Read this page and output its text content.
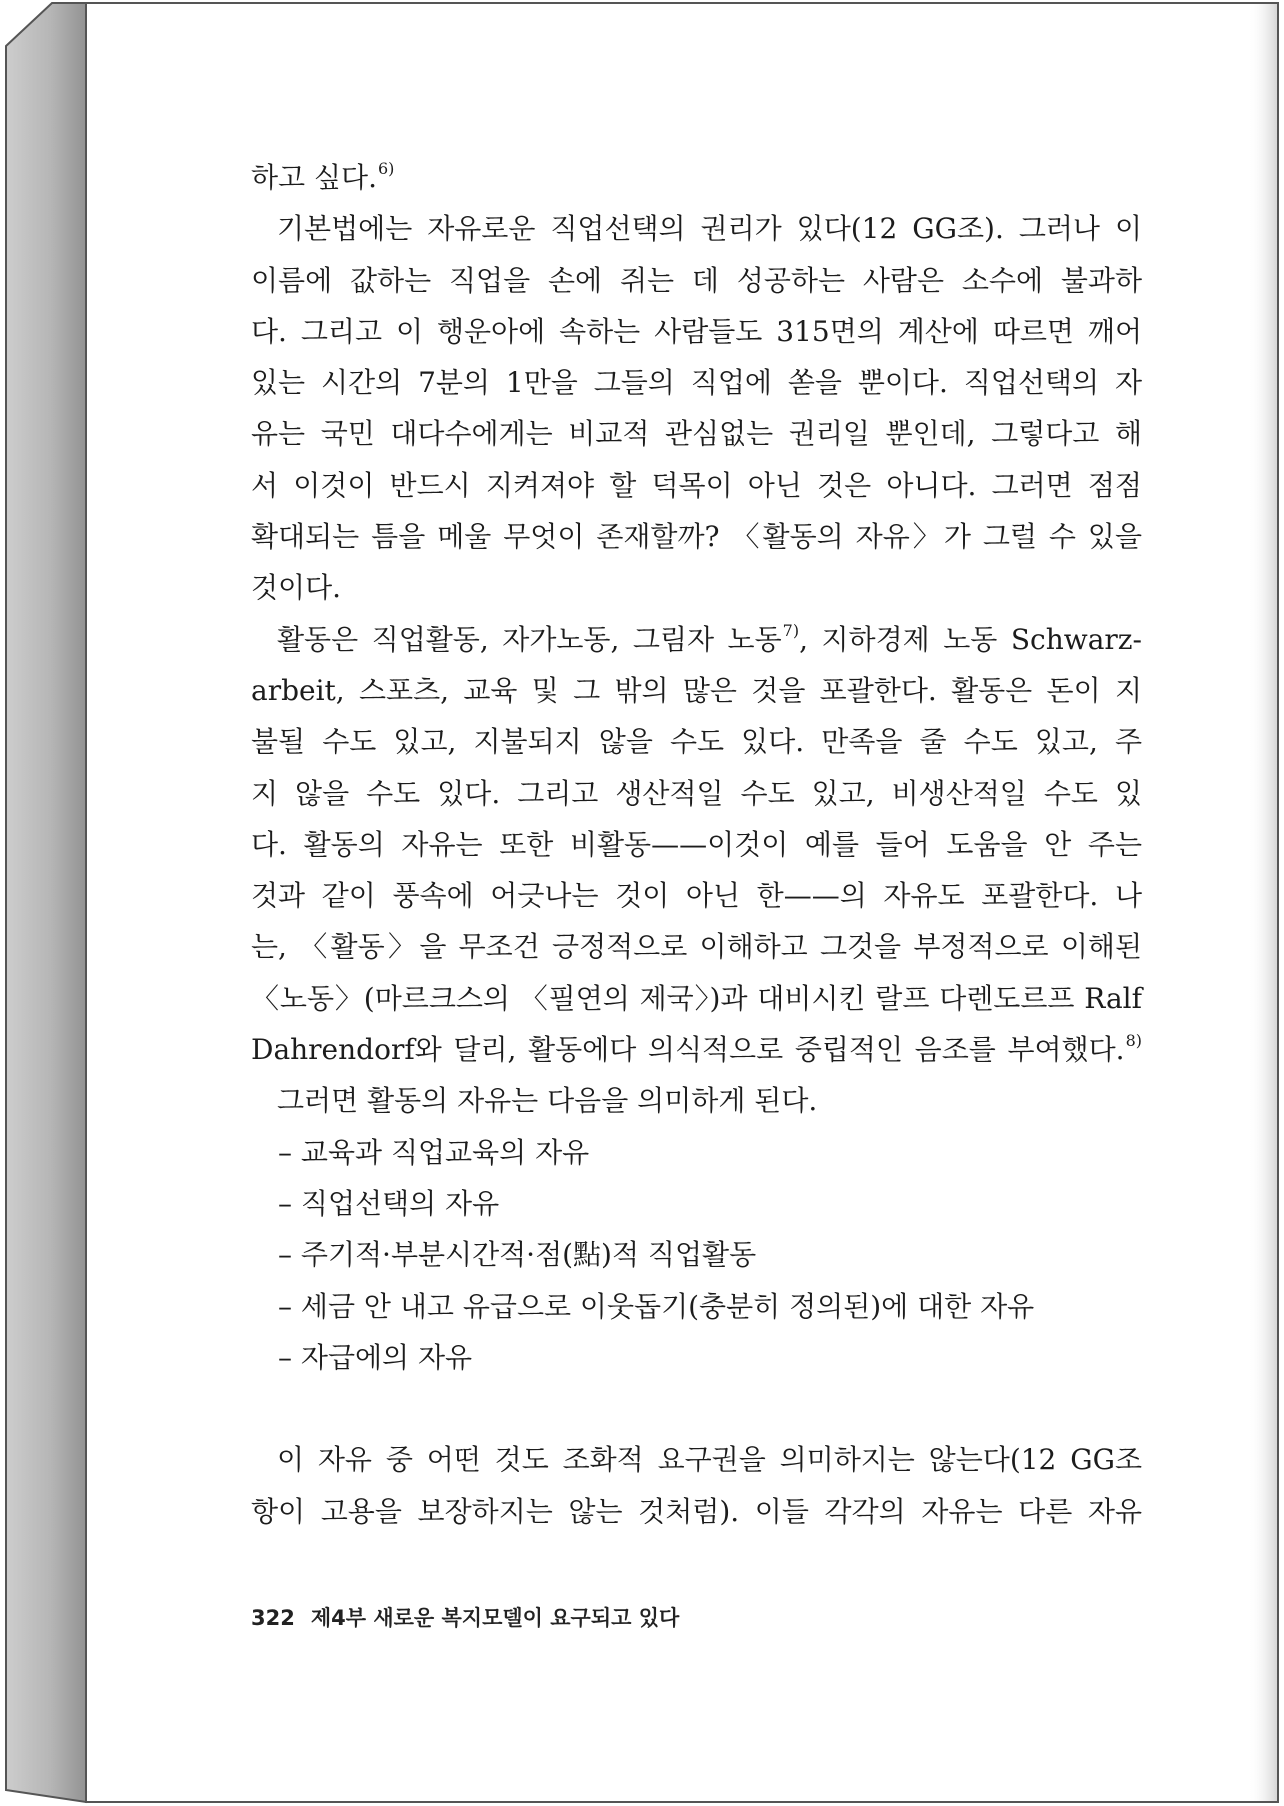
하고 싶다.$^{6)}$
기본법에는 자유로운 직업선택의 권리가 있다(12 GG조). 그러나 이
이름에 값하는 직업을 손에 쥐는 데 성공하는 사람은 소수에 불과하
다. 그리고 이 행운아에 속하는 사람들도 315면의 계산에 따르면 깨어
있는 시간의 7분의 1만을 그들의 직업에 쏟을 뿐이다. 직업선택의 자
유는 국민 대다수에게는 비교적 관심없는 권리일 뿐인데, 그렇다고 해
서 이것이 반드시 지켜져야 할 덕목이 아닌 것은 아니다. 그러면 점점
확대되는 틈을 메울 무엇이 존재할까? 〈활동의 자유〉가 그럴 수 있을
것이다.
활동은 직업활동, 자가노동, 그림자 노동$^{7)}$, 지하경제 노동 Schwarz-
arbeit, 스포츠, 교육 및 그 밖의 많은 것을 포괄한다. 활동은 돈이 지
불될 수도 있고, 지불되지 않을 수도 있다. 만족을 줄 수도 있고, 주
지 않을 수도 있다. 그리고 생산적일 수도 있고, 비생산적일 수도 있
다. 활동의 자유는 또한 비활동——이것이 예를 들어 도움을 안 주는
것과 같이 풍속에 어긋나는 것이 아닌 한——의 자유도 포괄한다. 나
는, 〈활동〉을 무조건 긍정적으로 이해하고 그것을 부정적으로 이해된
〈노동〉(마르크스의 〈필연의 제국〉)과 대비시킨 랄프 다렌도르프 Ralf
Dahrendorf와 달리, 활동에다 의식적으로 중립적인 음조를 부여했다.$^{8)}$
그러면 활동의 자유는 다음을 의미하게 된다.
– 교육과 직업교육의 자유
– 직업선택의 자유
– 주기적·부분시간적·점(點)적 직업활동
– 세금 안 내고 유급으로 이웃돕기(충분히 정의된)에 대한 자유
– 자급에의 자유
이 자유 중 어떤 것도 조화적 요구권을 의미하지는 않는다(12 GG조
항이 고용을 보장하지는 않는 것처럼). 이들 각각의 자유는 다른 자유
322 제4부 새로운 복지모델이 요구되고 있다
